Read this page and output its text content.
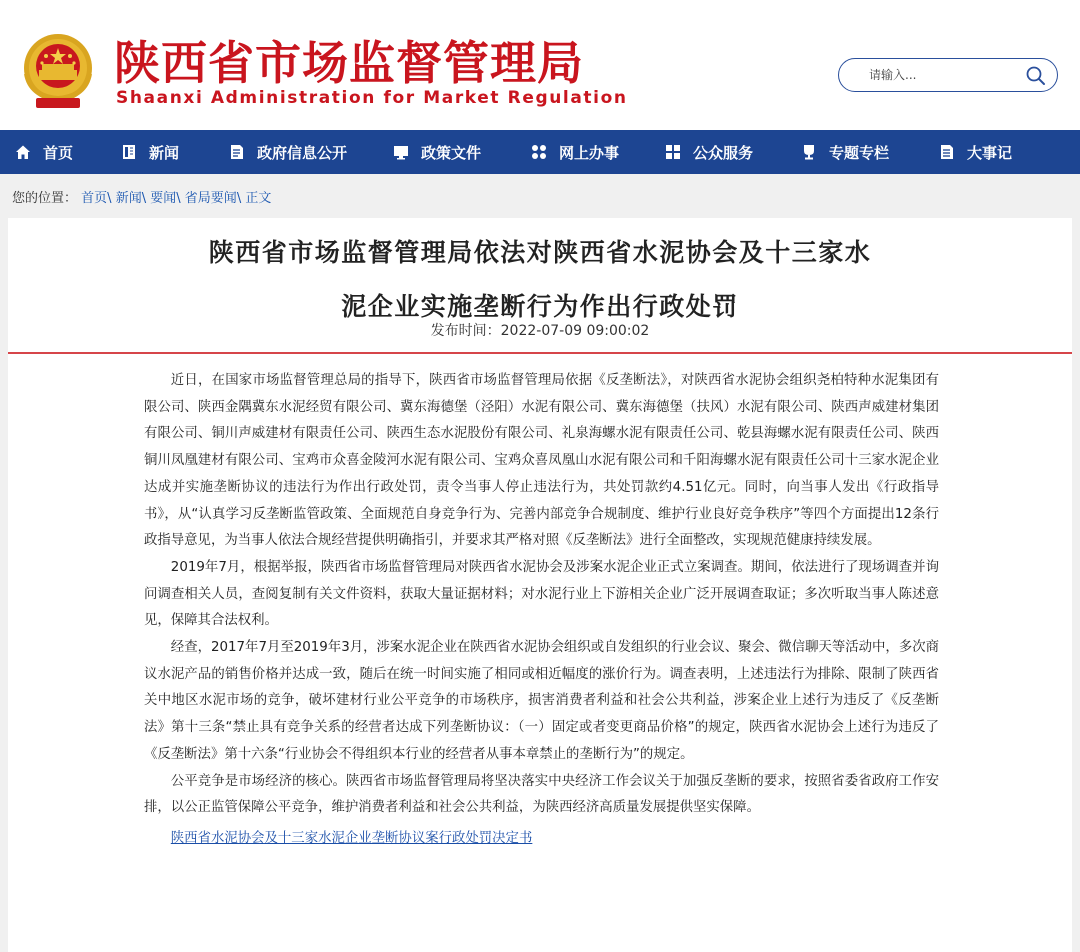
陕西省市场监督管理局
Shaanxi Administration for Market Regulation
请输入...
首页	新闻	政府信息公开	政策文件	网上办事	公众服务	专题专栏	大事记
您的位置： 首页\ 新闻\ 要闻\ 省局要闻\ 正文
陕西省市场监督管理局依法对陕西省水泥协会及十三家水
泥企业实施垄断行为作出行政处罚
发布时间：2022-07-09 09:00:02

近日，在国家市场监督管理总局的指导下，陕西省市场监督管理局依据《反垄断法》，对陕西省水泥协会组织尧柏特种水泥集团有限公司、陕西金隅冀东水泥经贸有限公司、冀东海德堡（泾阳）水泥有限公司、冀东海德堡（扶风）水泥有限公司、陕西声威建材集团有限公司、铜川声威建材有限责任公司、陕西生态水泥股份有限公司、礼泉海螺水泥有限责任公司、乾县海螺水泥有限责任公司、陕西铜川凤凰建材有限公司、宝鸡市众喜金陵河水泥有限公司、宝鸡众喜凤凰山水泥有限公司和千阳海螺水泥有限责任公司十三家水泥企业达成并实施垄断协议的违法行为作出行政处罚，责令当事人停止违法行为，共处罚款约4.51亿元。同时，向当事人发出《行政指导书》，从“认真学习反垄断监管政策、全面规范自身竞争行为、完善内部竞争合规制度、维护行业良好竞争秩序”等四个方面提出12条行政指导意见，为当事人依法合规经营提供明确指引，并要求其严格对照《反垄断法》进行全面整改，实现规范健康持续发展。

2019年7月，根据举报，陕西省市场监督管理局对陕西省水泥协会及涉案水泥企业正式立案调查。期间，依法进行了现场调查并询问调查相关人员，查阅复制有关文件资料，获取大量证据材料；对水泥行业上下游相关企业广泛开展调查取证；多次听取当事人陈述意见，保障其合法权利。

经查，2017年7月至2019年3月，涉案水泥企业在陕西省水泥协会组织或自发组织的行业会议、聚会、微信聊天等活动中，多次商议水泥产品的销售价格并达成一致，随后在统一时间实施了相同或相近幅度的涨价行为。调查表明，上述违法行为排除、限制了陕西省关中地区水泥市场的竞争，破坏建材行业公平竞争的市场秩序，损害消费者利益和社会公共利益，涉案企业上述行为违反了《反垄断法》第十三条“禁止具有竞争关系的经营者达成下列垄断协议：（一）固定或者变更商品价格”的规定，陕西省水泥协会上述行为违反了《反垄断法》第十六条“行业协会不得组织本行业的经营者从事本章禁止的垄断行为”的规定。

公平竞争是市场经济的核心。陕西省市场监督管理局将坚决落实中央经济工作会议关于加强反垄断的要求，按照省委省政府工作安排，以公正监管保障公平竞争，维护消费者利益和社会公共利益，为陕西经济高质量发展提供坚实保障。

陕西省水泥协会及十三家水泥企业垄断协议案行政处罚决定书
